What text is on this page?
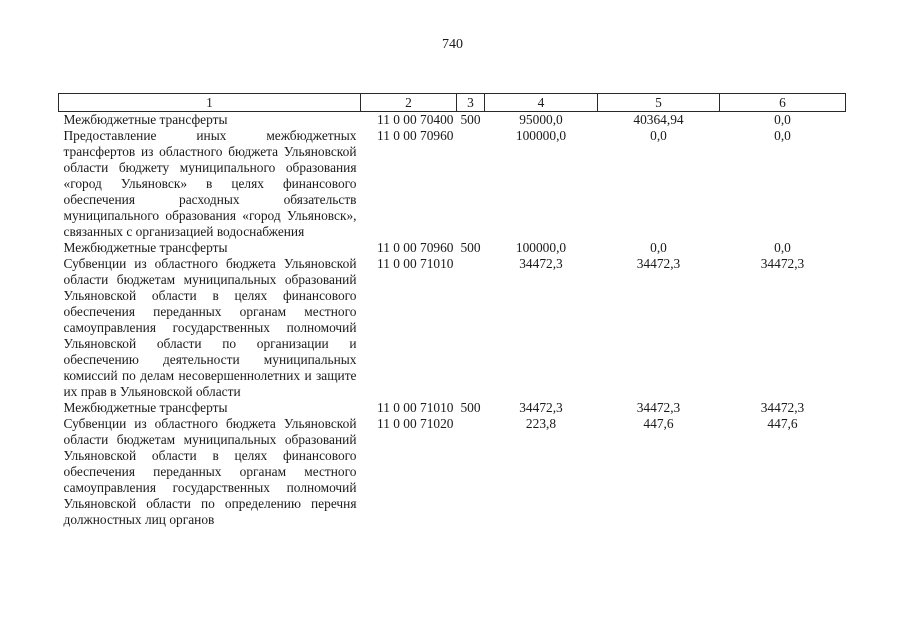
740
1	2	3	4	5	6
Межбюджетные трансферты	11 0 00 70400	500	95000,0	40364,94	0,0
Предоставление иных межбюджетных трансфертов из областного бюджета Ульяновской области бюджету муниципального образования «город Ульяновск» в целях финансового обеспечения расходных обязательств муниципального образования «город Ульяновск», связанных с организацией водоснабжения	11 0 00 70960		100000,0	0,0	0,0
Межбюджетные трансферты	11 0 00 70960	500	100000,0	0,0	0,0
Субвенции из областного бюджета Ульяновской области бюджетам муниципальных образований Ульяновской области в целях финансового обеспечения переданных органам местного самоуправления государственных полномочий Ульяновской области по организации и обеспечению деятельности муниципальных комиссий по делам несовершеннолетних и защите их прав в Ульяновской области	11 0 00 71010		34472,3	34472,3	34472,3
Межбюджетные трансферты	11 0 00 71010	500	34472,3	34472,3	34472,3
Субвенции из областного бюджета Ульяновской области бюджетам муниципальных образований Ульяновской области в целях финансового обеспечения переданных органам местного самоуправления государственных полномочий Ульяновской области по определению перечня должностных лиц органов	11 0 00 71020		223,8	447,6	447,6
